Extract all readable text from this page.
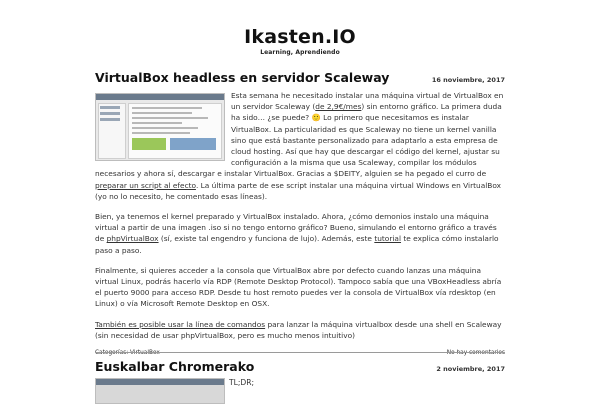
Ikasten.IO
Learning, Aprendiendo
VirtualBox headless en servidor Scaleway	16 noviembre, 2017

Esta semana he necesitado instalar una máquina virtual de VirtualBox en un servidor Scaleway (de 2,9€/mes) sin entorno gráfico. La primera duda ha sido… ¿se puede? 🙂 Lo primero que necesitamos es instalar VirtualBox. La particularidad es que Scaleway no tiene un kernel vanilla sino que está bastante personalizado para adaptarlo a esta empresa de cloud hosting. Así que hay que descargar el código del kernel, ajustar su configuración a la misma que usa Scaleway, compilar los módulos necesarios y ahora sí, descargar e instalar VirtualBox. Gracias a $DEITY, alguien se ha pegado el curro de preparar un script al efecto. La última parte de ese script instalar una máquina virtual Windows en VirtualBox (yo no lo necesito, he comentado esas líneas).

Bien, ya tenemos el kernel preparado y VirtualBox instalado. Ahora, ¿cómo demonios instalo una máquina virtual a partir de una imagen .iso si no tengo entorno gráfico? Bueno, simulando el entorno gráfico a través de phpVirtualBox (sí, existe tal engendro y funciona de lujo). Además, este tutorial te explica cómo instalarlo paso a paso.

Finalmente, si quieres acceder a la consola que VirtualBox abre por defecto cuando lanzas una máquina virtual Linux, podrás hacerlo vía RDP (Remote Desktop Protocol). Tampoco sabía que una VBoxHeadless abría el puerto 9000 para acceso RDP. Desde tu host remoto puedes ver la consola de VirtualBox vía rdesktop (en Linux) o vía Microsoft Remote Desktop en OSX.

También es posible usar la línea de comandos para lanzar la máquina virtualbox desde una shell en Scaleway (sin necesidad de usar phpVirtualBox, pero es mucho menos intuitivo)

Categorías: VirtualBox	No hay comentarios
Euskalbar Chromerako	2 noviembre, 2017
TL;DR;
